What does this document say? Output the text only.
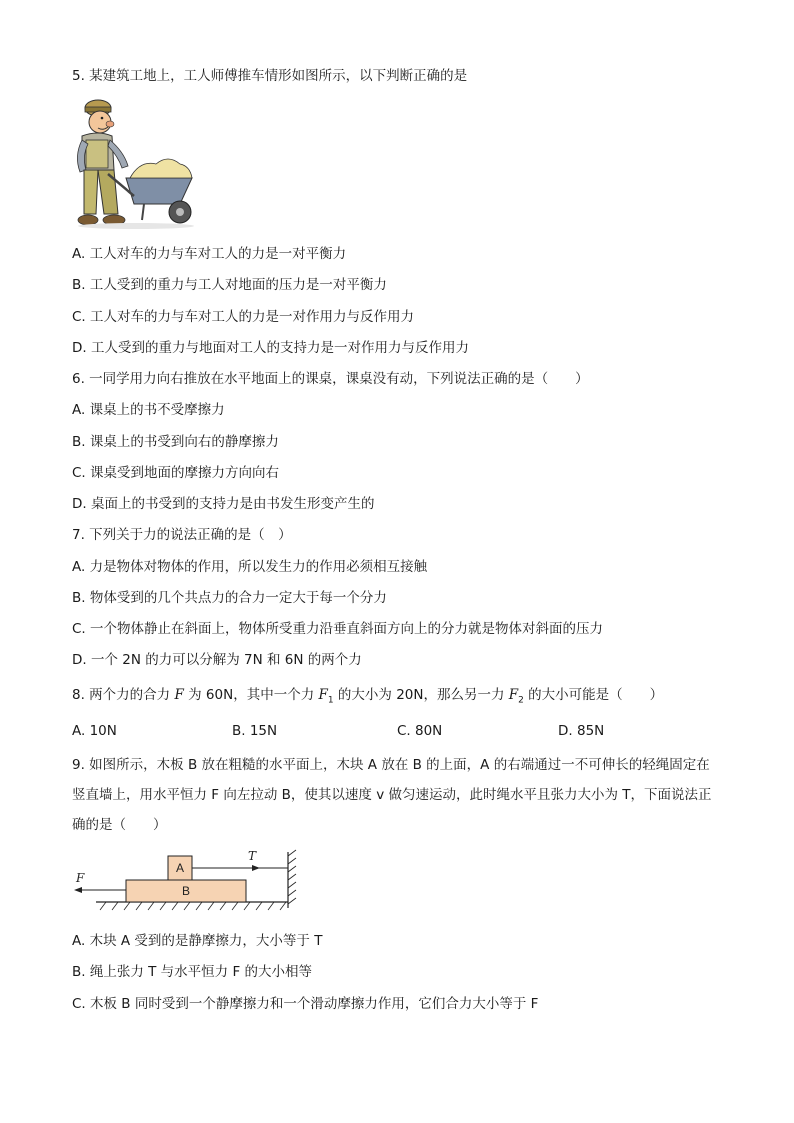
5. 某建筑工地上，工人师傅推车情形如图所示，以下判断正确的是
A. 工人对车的力与车对工人的力是一对平衡力
B. 工人受到的重力与工人对地面的压力是一对平衡力
C. 工人对车的力与车对工人的力是一对作用力与反作用力
D. 工人受到的重力与地面对工人的支持力是一对作用力与反作用力
6. 一同学用力向右推放在水平地面上的课桌，课桌没有动，下列说法正确的是（　　）
A. 课桌上的书不受摩擦力
B. 课桌上的书受到向右的静摩擦力
C. 课桌受到地面的摩擦力方向向右
D. 桌面上的书受到的支持力是由书发生形变产生的
7. 下列关于力的说法正确的是（　）
A. 力是物体对物体的作用，所以发生力的作用必须相互接触
B. 物体受到的几个共点力的合力一定大于每一个分力
C. 一个物体静止在斜面上，物体所受重力沿垂直斜面方向上的分力就是物体对斜面的压力
D. 一个 2N 的力可以分解为 7N 和 6N 的两个力
8. 两个力的合力 F 为 60N，其中一个力 $F_1$ 的大小为 20N，那么另一力 $F_2$ 的大小可能是（　　）
A. 10N	B. 15N	C. 80N	D. 85N
9. 如图所示，木板 B 放在粗糙的水平面上，木块 A 放在 B 的上面，A 的右端通过一不可伸长的轻绳固定在竖直墙上，用水平恒力 F 向左拉动 B，使其以速度 v 做匀速运动，此时绳水平且张力大小为 T，下面说法正确的是（　　）
B
A
T
F
A. 木块 A 受到的是静摩擦力，大小等于 T
B. 绳上张力 T 与水平恒力 F 的大小相等
C. 木板 B 同时受到一个静摩擦力和一个滑动摩擦力作用，它们合力大小等于 F
